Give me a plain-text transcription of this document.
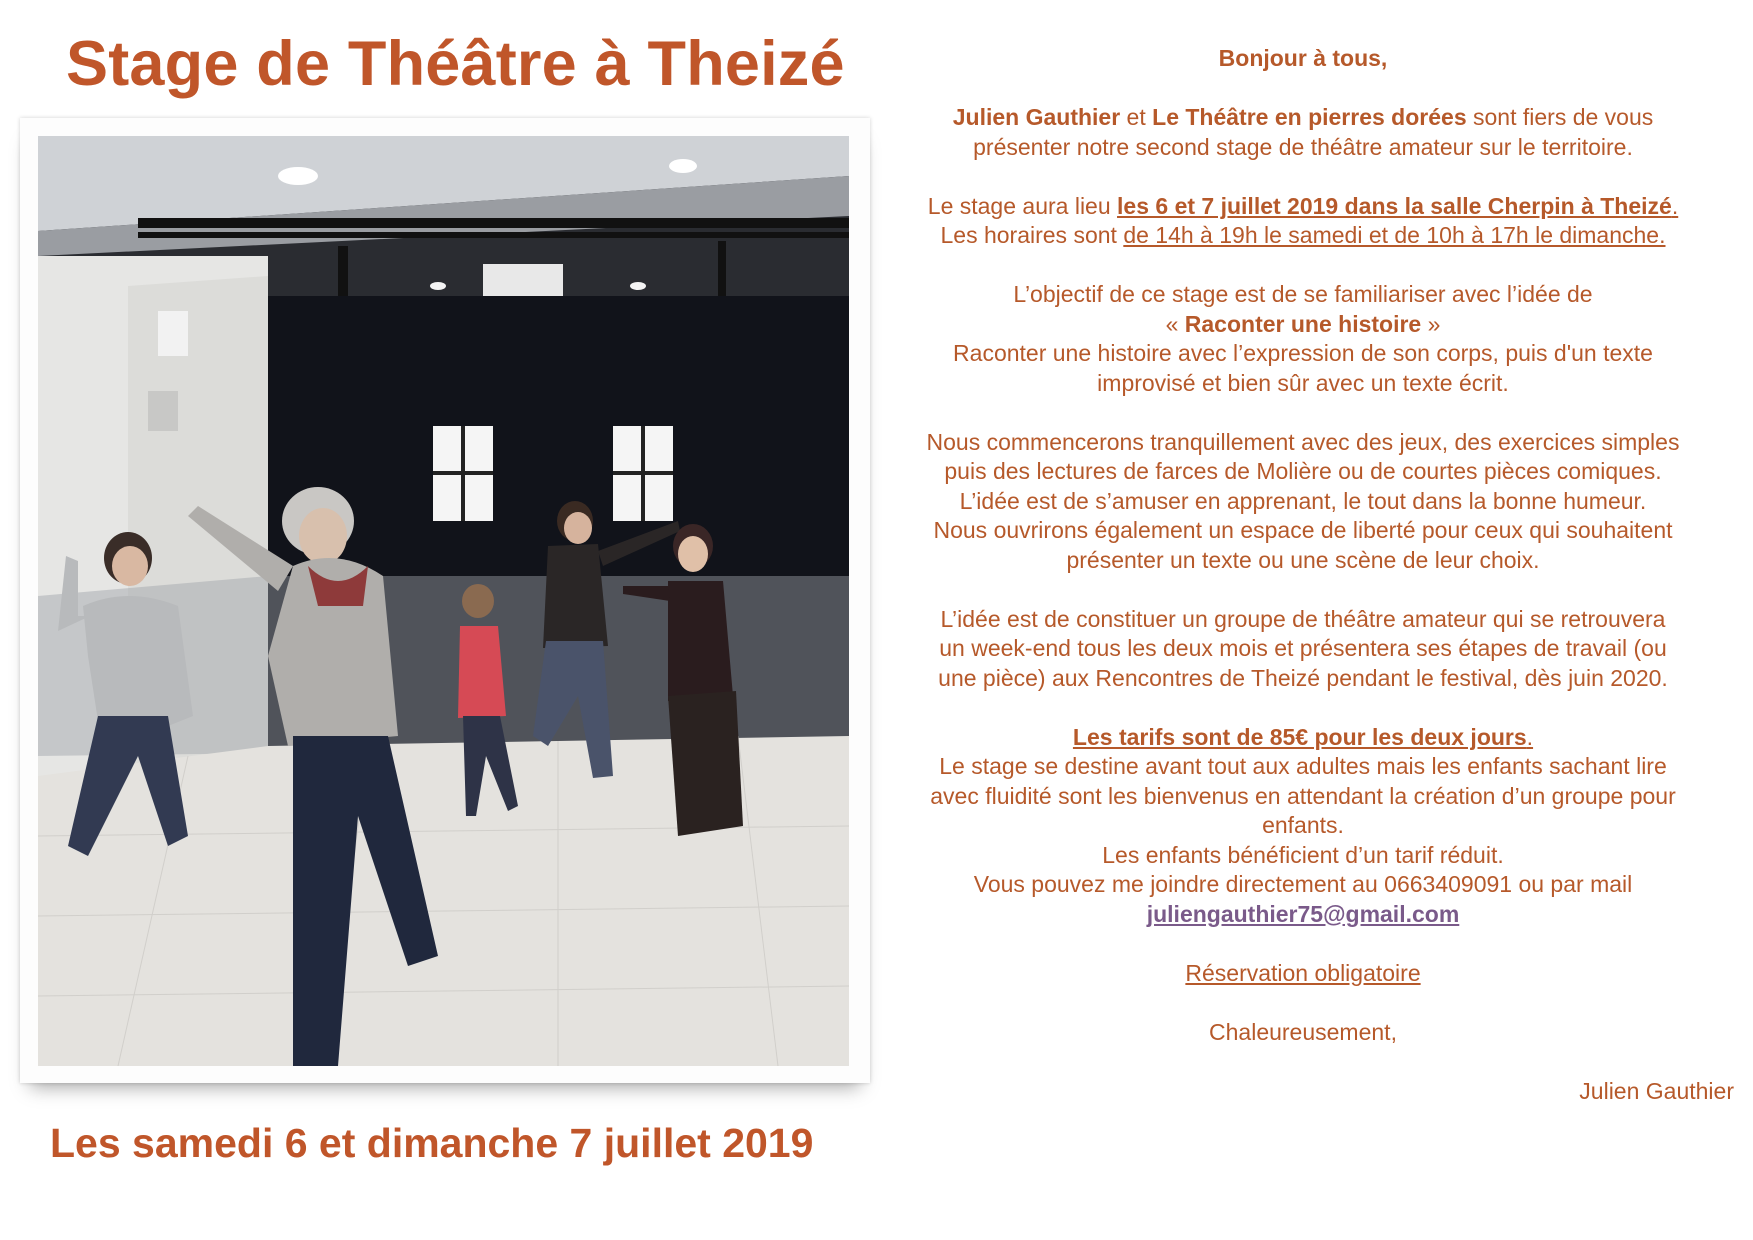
Stage de Théâtre à Theizé
Les samedi 6 et dimanche 7 juillet 2019

Bonjour à tous,

Julien Gauthier et Le Théâtre en pierres dorées sont fiers de vous

présenter notre second stage de théâtre amateur sur le territoire.

Le stage aura lieu les 6 et 7 juillet 2019 dans la salle Cherpin à Theizé.

Les horaires sont de 14h à 19h le samedi et de 10h à 17h le dimanche.

L’objectif de ce stage est de se familiariser avec l’idée de

« Raconter une histoire »

Raconter une histoire avec l’expression de son corps, puis d'un texte

improvisé et bien sûr avec un texte écrit.

Nous commencerons tranquillement avec des jeux, des exercices simples

puis des lectures de farces de Molière ou de courtes pièces comiques.

L’idée est de s’amuser en apprenant, le tout dans la bonne humeur.

Nous ouvrirons également un espace de liberté pour ceux qui souhaitent

présenter un texte ou une scène de leur choix.

L’idée est de constituer un groupe de théâtre amateur qui se retrouvera

un week-end tous les deux mois et présentera ses étapes de travail (ou

une pièce) aux Rencontres de Theizé pendant le festival, dès juin 2020.

Les tarifs sont de 85€ pour les deux jours.

Le stage se destine avant tout aux adultes mais les enfants sachant lire

avec fluidité sont les bienvenus en attendant la création d’un groupe pour

enfants.

Les enfants bénéficient d’un tarif réduit.

Vous pouvez me joindre directement au 0663409091 ou par mail

juliengauthier75@gmail.com

Réservation obligatoire

Chaleureusement,

Julien Gauthier
